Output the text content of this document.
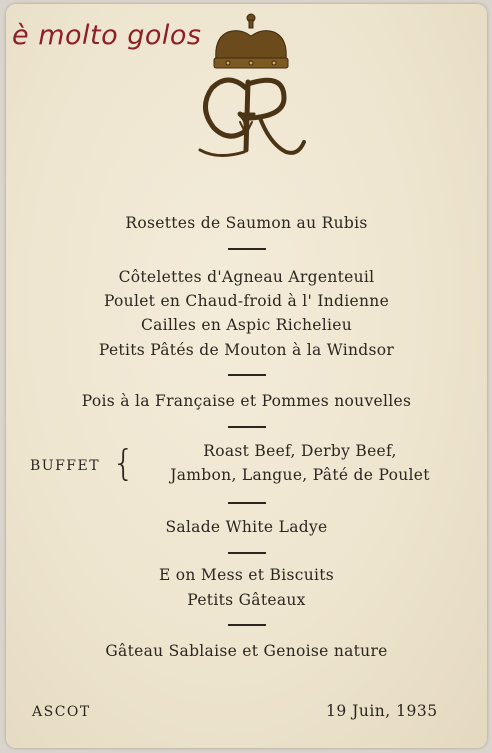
è molto golos
Rosettes de Saumon au Rubis
Côtelettes d'Agneau Argenteuil
Poulet en Chaud-froid à l' Indienne
Cailles en Aspic Richelieu
Petits Pâtés de Mouton à la Windsor
Pois à la Française et Pommes nouvelles
BUFFET {	Roast Beef, Derby Beef,
Jambon, Langue, Pâté de Poulet
Salade White Ladye
E on Mess et Biscuits
Petits Gâteaux
Gâteau Sablaise et Genoise nature
ASCOT	19 Juin, 1935
